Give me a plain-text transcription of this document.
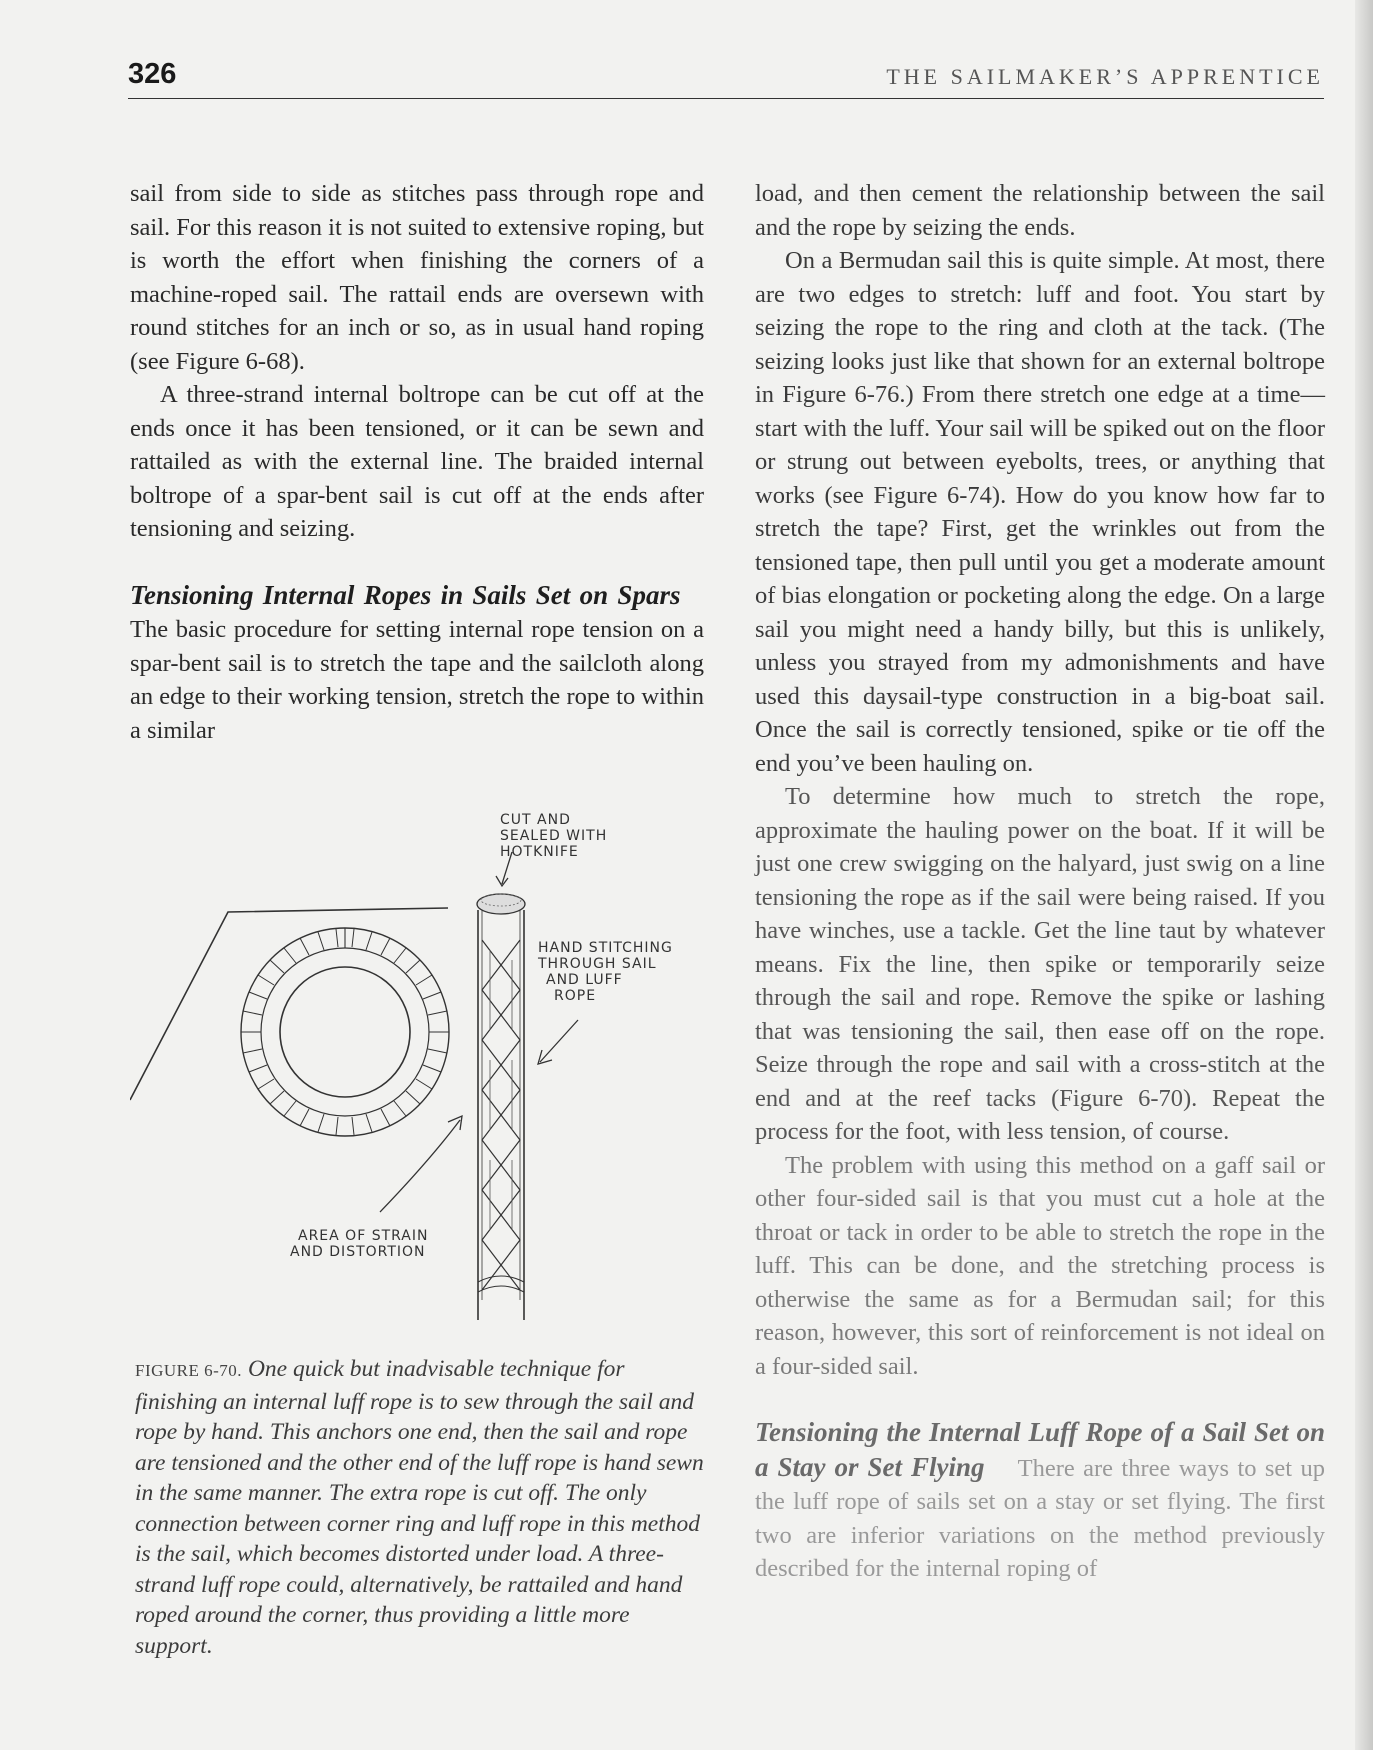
326	THE SAILMAKER’S APPRENTICE

sail from side to side as stitches pass through rope and sail. For this reason it is not suited to extensive roping, but is worth the effort when finishing the corners of a machine-roped sail. The rattail ends are oversewn with round stitches for an inch or so, as in usual hand roping (see Figure 6-68).

A three-strand internal boltrope can be cut off at the ends once it has been tensioned, or it can be sewn and rattailed as with the external line. The braided internal boltrope of a spar-bent sail is cut off at the ends after tensioning and seizing.

Tensioning Internal Ropes in Sails Set on Spars    The basic procedure for setting internal rope tension on a spar-bent sail is to stretch the tape and the sailcloth along an edge to their working tension, stretch the rope to within a similar

CUT AND
SEALED WITH
HOTKNIFE
HAND STITCHING
THROUGH SAIL
AND LUFF
ROPE
AREA OF STRAIN
AND DISTORTION
FIGURE 6-70. One quick but inadvisable technique for finishing an internal luff rope is to sew through the sail and rope by hand. This anchors one end, then the sail and rope are tensioned and the other end of the luff rope is hand sewn in the same manner. The extra rope is cut off. The only connection between corner ring and luff rope in this method is the sail, which becomes distorted under load. A three-strand luff rope could, alternatively, be rattailed and hand roped around the corner, thus providing a little more support.

load, and then cement the relationship between the sail and the rope by seizing the ends.

On a Bermudan sail this is quite simple. At most, there are two edges to stretch: luff and foot. You start by seizing the rope to the ring and cloth at the tack. (The seizing looks just like that shown for an external boltrope in Figure 6-76.) From there stretch one edge at a time—start with the luff. Your sail will be spiked out on the floor or strung out between eyebolts, trees, or anything that works (see Figure 6-74). How do you know how far to stretch the tape? First, get the wrinkles out from the tensioned tape, then pull until you get a moderate amount of bias elongation or pocketing along the edge. On a large sail you might need a handy billy, but this is unlikely, unless you strayed from my admonishments and have used this daysail-type construction in a big-boat sail. Once the sail is correctly tensioned, spike or tie off the end you’ve been hauling on.

To determine how much to stretch the rope, approximate the hauling power on the boat. If it will be just one crew swigging on the halyard, just swig on a line tensioning the rope as if the sail were being raised. If you have winches, use a tackle. Get the line taut by whatever means. Fix the line, then spike or temporarily seize through the sail and rope. Remove the spike or lashing that was tensioning the sail, then ease off on the rope. Seize through the rope and sail with a cross-stitch at the end and at the reef tacks (Figure 6-70). Repeat the process for the foot, with less tension, of course.

The problem with using this method on a gaff sail or other four-sided sail is that you must cut a hole at the throat or tack in order to be able to stretch the rope in the luff. This can be done, and the stretching process is otherwise the same as for a Bermudan sail; for this reason, however, this sort of reinforcement is not ideal on a four-sided sail.

Tensioning the Internal Luff Rope of a Sail Set on a Stay or Set Flying There are three ways to set up the luff rope of sails set on a stay or set flying. The first two are inferior variations on the method previously described for the internal roping of
